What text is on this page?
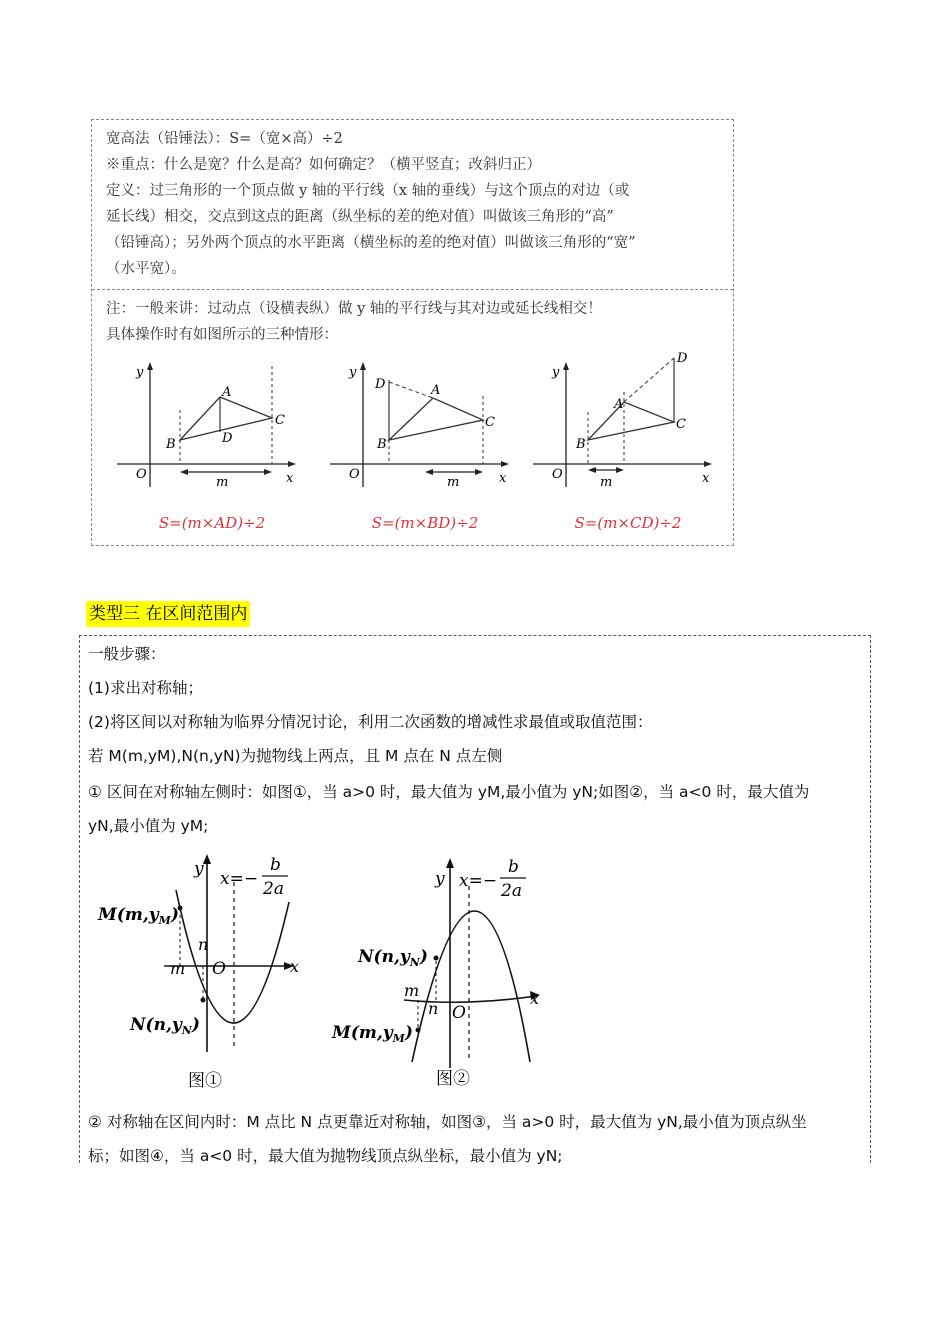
宽高法（铅锤法）：S=（宽×高）÷2
※重点：什么是宽？什么是高？如何确定？（横平竖直；改斜归正）
定义：过三角形的一个顶点做 y 轴的平行线（x 轴的垂线）与这个顶点的对边（或
延长线）相交，交点到这点的距离（纵坐标的差的绝对值）叫做该三角形的“高”
（铅锤高）；另外两个顶点的水平距离（横坐标的差的绝对值）叫做该三角形的“宽”
（水平宽）。
注：一般来讲：过动点（设横表纵）做 y 轴的平行线与其对边或延长线相交！
具体操作时有如图所示的三种情形：
y
x
O
m
A
B
C
D
S=(m×AD)÷2
y
x
O
m
A
B
C
D
S=(m×BD)÷2
y
x
O
m
A
B
C
D
S=(m×CD)÷2
类型三 在区间范围内
一般步骤：
(1)求出对称轴；
(2)将区间以对称轴为临界分情况讨论，利用二次函数的增减性求最值或取值范围：
若 M(m,yM),N(n,yN)为抛物线上两点，且 M 点在 N 点左侧
① 区间在对称轴左侧时：如图①，当 a>0 时，最大值为 yM,最小值为 yN;如图②，当 a<0 时，最大值为
yN,最小值为 yM;
② 对称轴在区间内时：M 点比 N 点更靠近对称轴，如图③，当 a>0 时，最大值为 yN,最小值为顶点纵坐
标；如图④，当 a<0 时，最大值为抛物线顶点纵坐标，最小值为 yN;
$M(m,y_M)$
$N(n,y_N)$
y
x
O
m
n
x=−
b
2a
图①
$N(n,y_N)$
$M(m,y_M)$
y
x
O
m
n
x=−
b
2a
图②
